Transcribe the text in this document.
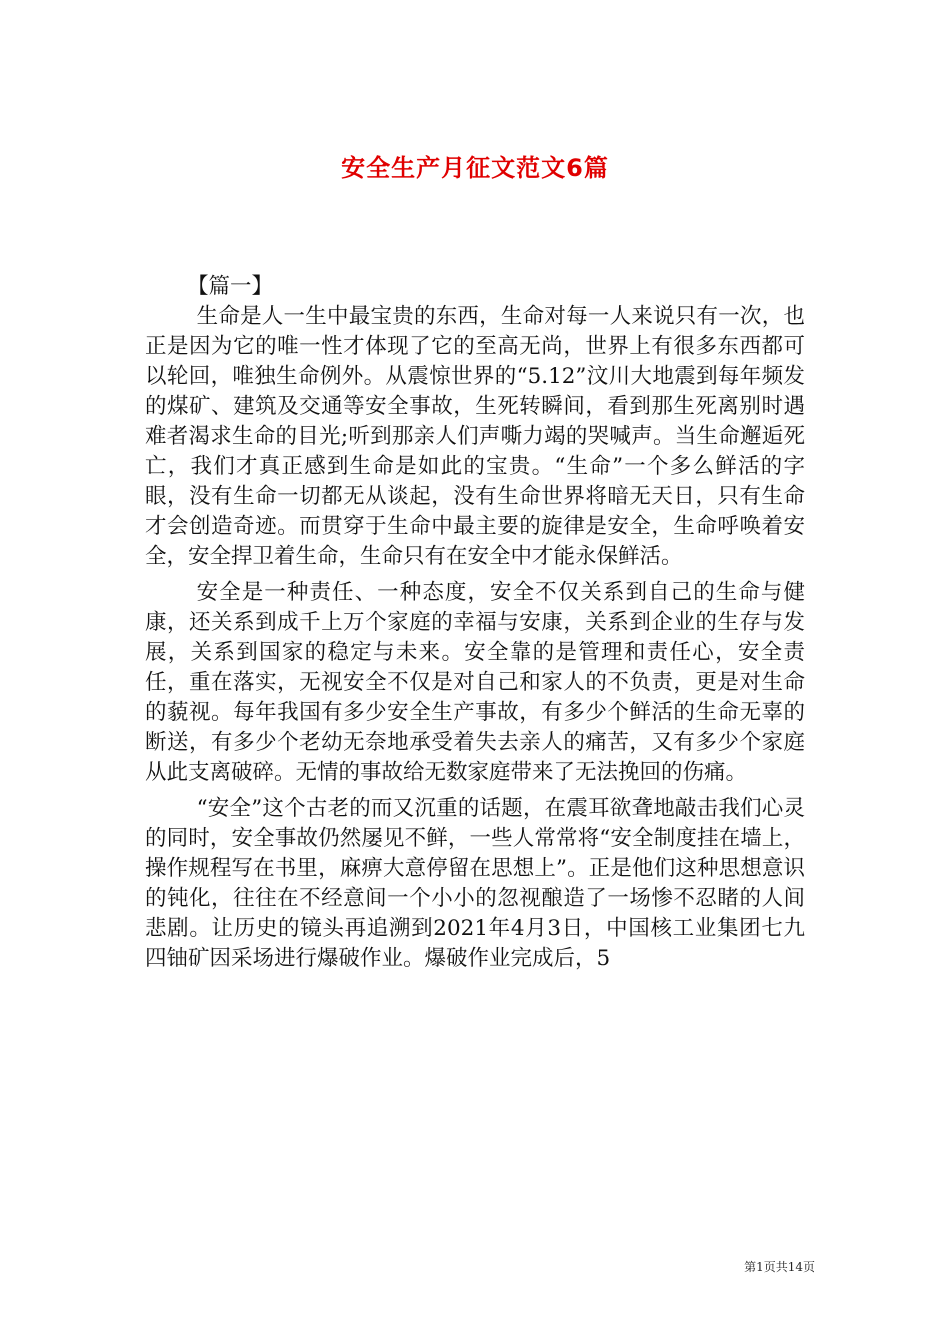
安全生产月征文范文6篇
【篇一】

生命是人一生中最宝贵的东西，生命对每一人来说只有一次，也正是因为它的唯一性才体现了它的至高无尚，世界上有很多东西都可以轮回，唯独生命例外。从震惊世界的“5.12”汶川大地震到每年频发的煤矿、建筑及交通等安全事故，生死转瞬间，看到那生死离别时遇难者渴求生命的目光;听到那亲人们声嘶力竭的哭喊声。当生命邂逅死亡，我们才真正感到生命是如此的宝贵。“生命”一个多么鲜活的字眼，没有生命一切都无从谈起，没有生命世界将暗无天日，只有生命才会创造奇迹。而贯穿于生命中最主要的旋律是安全，生命呼唤着安全，安全捍卫着生命，生命只有在安全中才能永保鲜活。

安全是一种责任、一种态度，安全不仅关系到自己的生命与健康，还关系到成千上万个家庭的幸福与安康，关系到企业的生存与发展，关系到国家的稳定与未来。安全靠的是管理和责任心，安全责任，重在落实，无视安全不仅是对自己和家人的不负责，更是对生命的藐视。每年我国有多少安全生产事故，有多少个鲜活的生命无辜的断送，有多少个老幼无奈地承受着失去亲人的痛苦，又有多少个家庭从此支离破碎。无情的事故给无数家庭带来了无法挽回的伤痛。

“安全”这个古老的而又沉重的话题，在震耳欲聋地敲击我们心灵的同时，安全事故仍然屡见不鲜，一些人常常将“安全制度挂在墙上，操作规程写在书里，麻痹大意停留在思想上”。正是他们这种思想意识的钝化，往往在不经意间一个小小的忽视酿造了一场惨不忍睹的人间悲剧。让历史的镜头再追溯到2021年4月3日，中国核工业集团七九四铀矿因采场进行爆破作业。爆破作业完成后，5

第1页共14页
